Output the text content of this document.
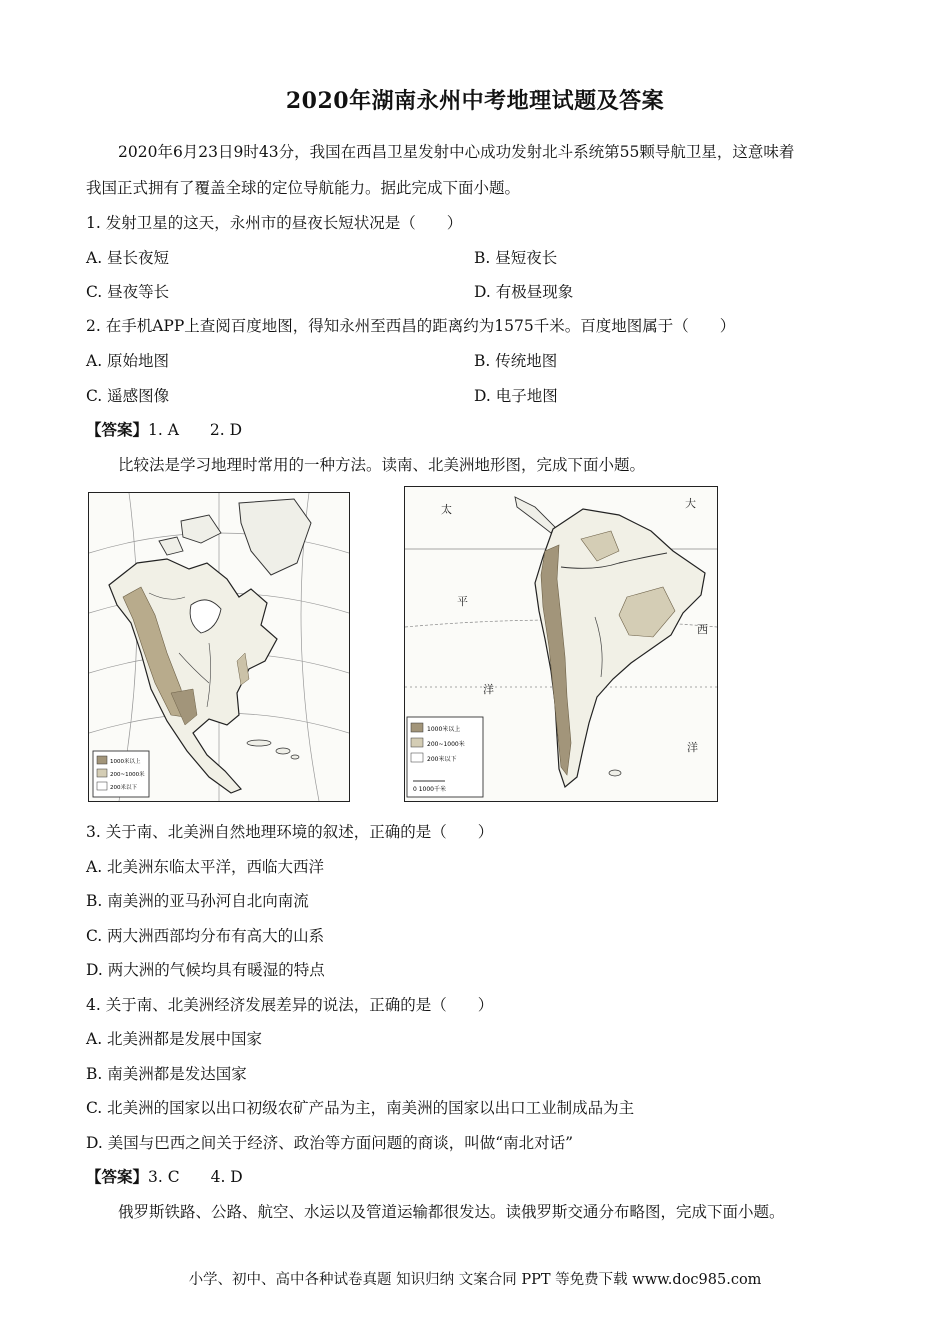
2020年湖南永州中考地理试题及答案
2020年6月23日9时43分，我国在西昌卫星发射中心成功发射北斗系统第55颗导航卫星，这意味着
我国正式拥有了覆盖全球的定位导航能力。据此完成下面小题。
1. 发射卫星的这天，永州市的昼夜长短状况是（　　）
A. 昼长夜短	B. 昼短夜长
C. 昼夜等长	D. 有极昼现象
2. 在手机APP上查阅百度地图，得知永州至西昌的距离约为1575千米。百度地图属于（　　）
A. 原始地图	B. 传统地图
C. 遥感图像	D. 电子地图
【答案】1. A　　2. D
比较法是学习地理时常用的一种方法。读南、北美洲地形图，完成下面小题。
1000米以上
200~1000米
200米以下
太	大
平
洋
西
洋
1000米以上
200~1000米
200米以下
0 1000千米
3. 关于南、北美洲自然地理环境的叙述，正确的是（　　）
A. 北美洲东临太平洋，西临大西洋
B. 南美洲的亚马孙河自北向南流
C. 两大洲西部均分布有高大的山系
D. 两大洲的气候均具有暖湿的特点
4. 关于南、北美洲经济发展差异的说法，正确的是（　　）
A. 北美洲都是发展中国家
B. 南美洲都是发达国家
C. 北美洲的国家以出口初级农矿产品为主，南美洲的国家以出口工业制成品为主
D. 美国与巴西之间关于经济、政治等方面问题的商谈，叫做“南北对话”
【答案】3. C　　4. D
俄罗斯铁路、公路、航空、水运以及管道运输都很发达。读俄罗斯交通分布略图，完成下面小题。
小学、初中、高中各种试卷真题 知识归纳 文案合同 PPT 等免费下载 www.doc985.com
